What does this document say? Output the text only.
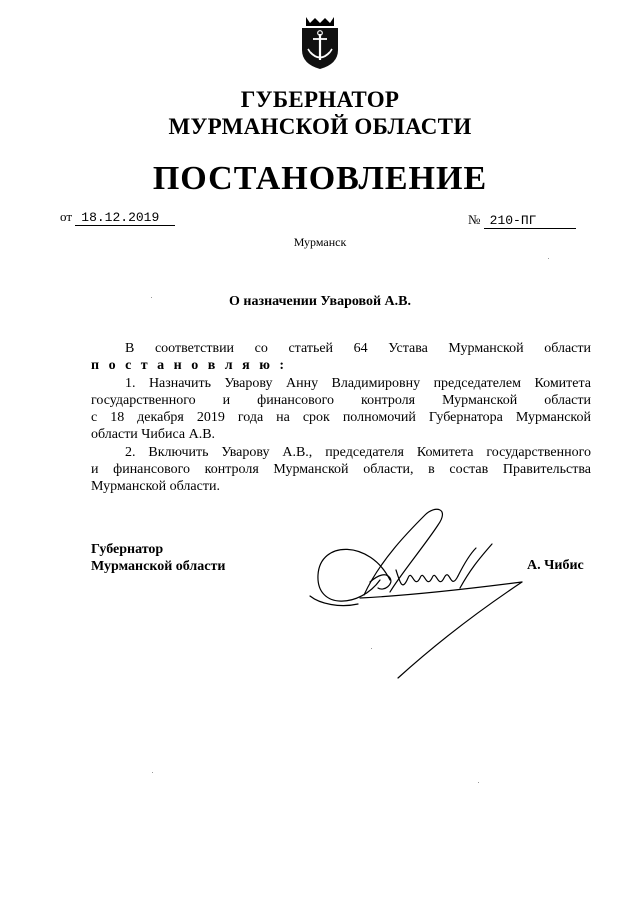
ГУБЕРНАТОР
МУРМАНСКОЙ ОБЛАСТИ
ПОСТАНОВЛЕНИЕ
от 18.12.2019	№ 210-ПГ
Мурманск
О назначении Уваровой А.В.

В соответствии со статьей 64 Устава Мурманской области

п о с т а н о в л я ю :

1. Назначить Уварову Анну Владимировну председателем Комитета

государственного и финансового контроля Мурманской области

с 18 декабря 2019 года на срок полномочий Губернатора Мурманской

области Чибиса А.В.

2. Включить Уварову А.В., председателя Комитета государственного

и финансового контроля Мурманской области, в состав Правительства

Мурманской области.

Губернатор
Мурманской области	А. Чибис
